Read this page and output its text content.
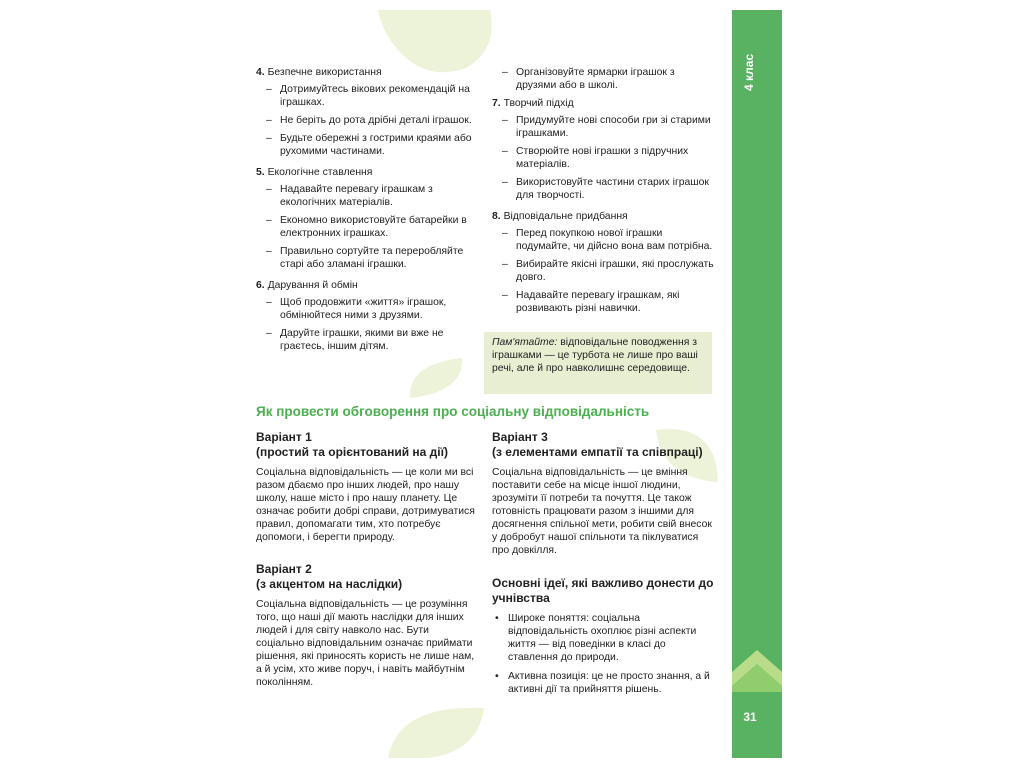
4 клас
31

4. Безпечне використання

– Дотримуйтесь вікових рекомендацій на іграшках.

– Не беріть до рота дрібні деталі іграшок.

– Будьте обережні з гострими краями або рухомими частинами.

5. Екологічне ставлення

– Надавайте перевагу іграшкам з екологічних матеріалів.

– Економно використовуйте батарейки в електронних іграшках.

– Правильно сортуйте та переробляйте старі або зламані іграшки.

6. Дарування й обмін

– Щоб продовжити «життя» іграшок, обмінюйтеся ними з друзями.

– Даруйте іграшки, якими ви вже не граєтесь, іншим дітям.

– Організовуйте ярмарки іграшок з друзями або в школі.

7. Творчий підхід

– Придумуйте нові способи гри зі старими іграшками.

– Створюйте нові іграшки з підручних матеріалів.

– Використовуйте частини старих іграшок для творчості.

8. Відповідальне придбання

– Перед покупкою нової іграшки подумайте, чи дійсно вона вам потрібна.

– Вибирайте якісні іграшки, які прослужать довго.

– Надавайте перевагу іграшкам, які розвивають різні навички.

Пам'ятайте: відповідальне поводження з іграшками — це турбота не лише про ваші речі, але й про навколишнє середовище.
Як провести обговорення про соціальну відповідальність

Варіант 1
(простий та орієнтований на дії)

Соціальна відповідальність — це коли ми всі разом дбаємо про інших людей, про нашу школу, наше місто і про нашу планету. Це означає робити добрі справи, дотримуватися правил, допомагати тим, хто потребує допомоги, і берегти природу.

Варіант 2
(з акцентом на наслідки)

Соціальна відповідальність — це розуміння того, що наші дії мають наслідки для інших людей і для світу навколо нас. Бути соціально відповідальним означає приймати рішення, які приносять користь не лише нам, а й усім, хто живе поруч, і навіть майбутнім поколінням.

Варіант 3
(з елементами емпатії та співпраці)

Соціальна відповідальність — це вміння поставити себе на місце іншої людини, зрозуміти її потреби та почуття. Це також готовність працювати разом з іншими для досягнення спільної мети, робити свій внесок у добробут нашої спільноти та піклуватися про довкілля.

Основні ідеї, які важливо донести до учнівства

• Широке поняття: соціальна відповідальність охоплює різні аспекти життя — від поведінки в класі до ставлення до природи.

• Активна позиція: це не просто знання, а й активні дії та прийняття рішень.
